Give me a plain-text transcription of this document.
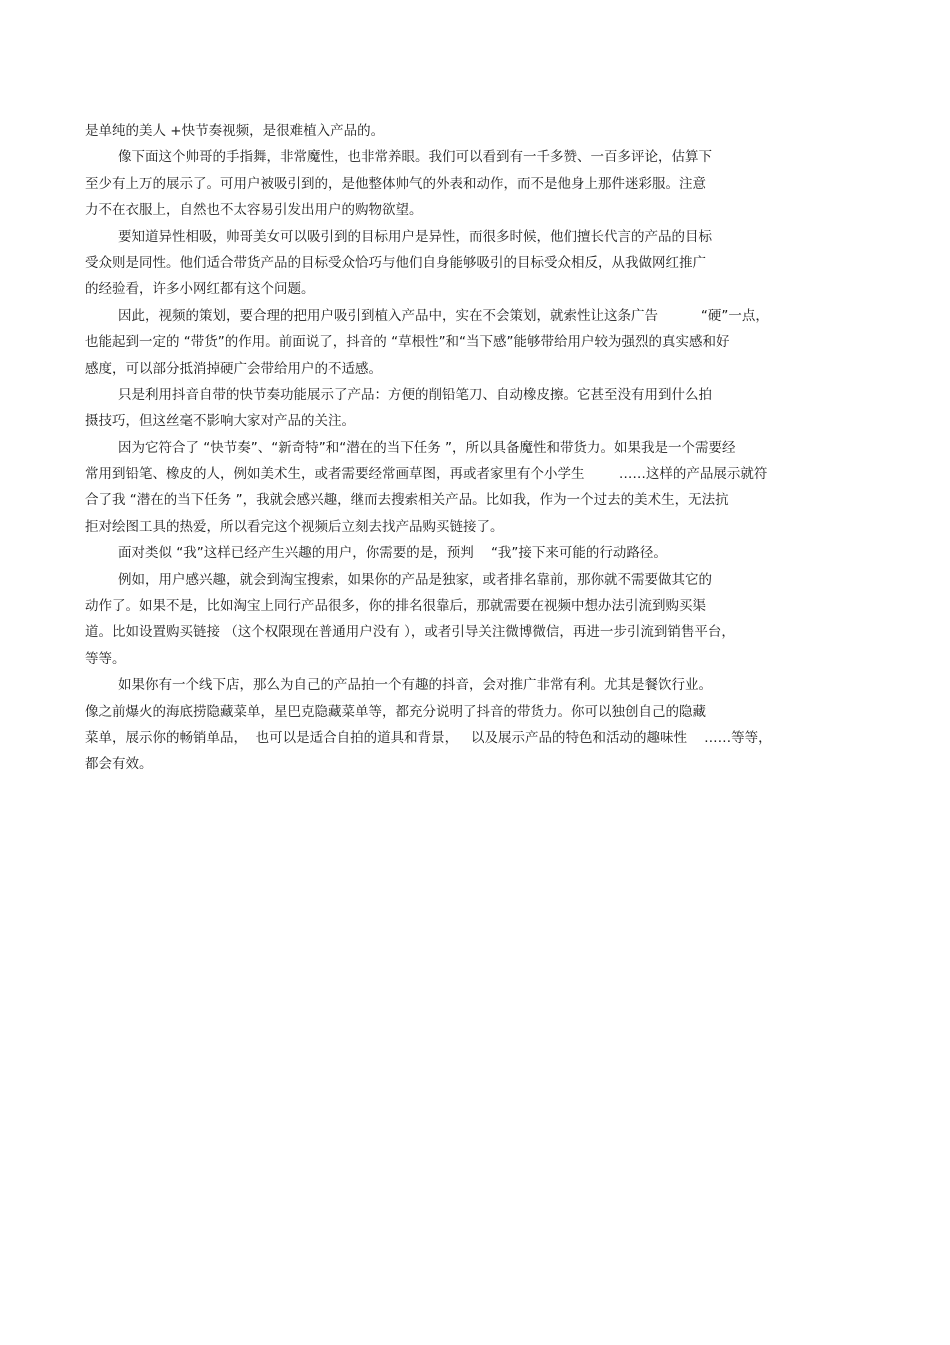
是单纯的美人 +快节奏视频，是很难植入产品的。
像下面这个帅哥的手指舞，非常魔性，也非常养眼。我们可以看到有一千多赞、一百多评论，估算下
至少有上万的展示了。可用户被吸引到的，是他整体帅气的外表和动作，而不是他身上那件迷彩服。注意
力不在衣服上，自然也不太容易引发出用户的购物欲望。
要知道异性相吸，帅哥美女可以吸引到的目标用户是异性，而很多时候，他们擅长代言的产品的目标
受众则是同性。他们适合带货产品的目标受众恰巧与他们自身能够吸引的目标受众相反，从我做网红推广
的经验看，许多小网红都有这个问题。
因此，视频的策划，要合理的把用户吸引到植入产品中，实在不会策划，就索性让这条广告          “硬”一点，
也能起到一定的 “带货”的作用。前面说了，抖音的 “草根性”和“当下感”能够带给用户较为强烈的真实感和好
感度，可以部分抵消掉硬广会带给用户的不适感。
只是利用抖音自带的快节奏功能展示了产品：方便的削铅笔刀、自动橡皮擦。它甚至没有用到什么拍
摄技巧，但这丝毫不影响大家对产品的关注。
因为它符合了 “快节奏”、“新奇特”和“潜在的当下任务 ”，所以具备魔性和带货力。如果我是一个需要经
常用到铅笔、橡皮的人，例如美术生，或者需要经常画草图，再或者家里有个小学生        ……这样的产品展示就符
合了我 “潜在的当下任务 ”，我就会感兴趣，继而去搜索相关产品。比如我，作为一个过去的美术生，无法抗
拒对绘图工具的热爱，所以看完这个视频后立刻去找产品购买链接了。
面对类似 “我”这样已经产生兴趣的用户，你需要的是，预判    “我”接下来可能的行动路径。
例如，用户感兴趣，就会到淘宝搜索，如果你的产品是独家，或者排名靠前，那你就不需要做其它的
动作了。如果不是，比如淘宝上同行产品很多，你的排名很靠后，那就需要在视频中想办法引流到购买渠
道。比如设置购买链接 （这个权限现在普通用户没有 ），或者引导关注微博微信，再进一步引流到销售平台，
等等。
如果你有一个线下店，那么为自己的产品拍一个有趣的抖音，会对推广非常有利。尤其是餐饮行业。
像之前爆火的海底捞隐藏菜单，星巴克隐藏菜单等，都充分说明了抖音的带货力。你可以独创自己的隐藏
菜单，展示你的畅销单品，  也可以是适合自拍的道具和背景，   以及展示产品的特色和活动的趣味性    ……等等，
都会有效。
